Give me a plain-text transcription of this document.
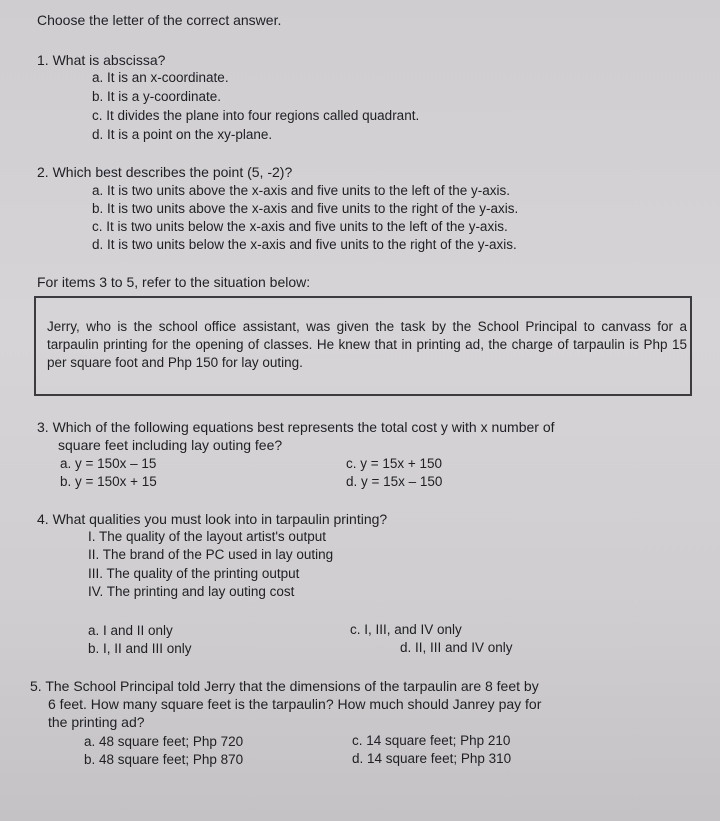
Choose the letter of the correct answer.
1. What is abscissa?
a. It is an x-coordinate.
b. It is a y-coordinate.
c. It divides the plane into four regions called quadrant.
d. It is a point on the xy-plane.
2. Which best describes the point (5, -2)?
a. It is two units above the x-axis and five units to the left of the y-axis.
b. It is two units above the x-axis and five units to the right of the y-axis.
c. It is two units below the x-axis and five units to the left of the y-axis.
d. It is two units below the x-axis and five units to the right of the y-axis.
For items 3 to 5, refer to the situation below:
Jerry, who is the school office assistant, was given the task by the School Principal to canvass for a tarpaulin printing for the opening of classes. He knew that in printing ad, the charge of tarpaulin is Php 15 per square foot and Php 150 for lay outing.
3. Which of the following equations best represents the total cost y with x number of
square feet including lay outing fee?
a. y = 150x – 15
b. y = 150x + 15
c. y = 15x + 150
d. y = 15x – 150
4. What qualities you must look into in tarpaulin printing?
I. The quality of the layout artist's output
II. The brand of the PC used in lay outing
III. The quality of the printing output
IV. The printing and lay outing cost
a. I and II only
b. I, II and III only
c. I, III, and IV only
d. II, III and IV only
5. The School Principal told Jerry that the dimensions of the tarpaulin are 8 feet by
6 feet. How many square feet is the tarpaulin? How much should Janrey pay for
the printing ad?
a. 48 square feet; Php 720
b. 48 square feet; Php 870
c. 14 square feet; Php 210
d. 14 square feet; Php 310
